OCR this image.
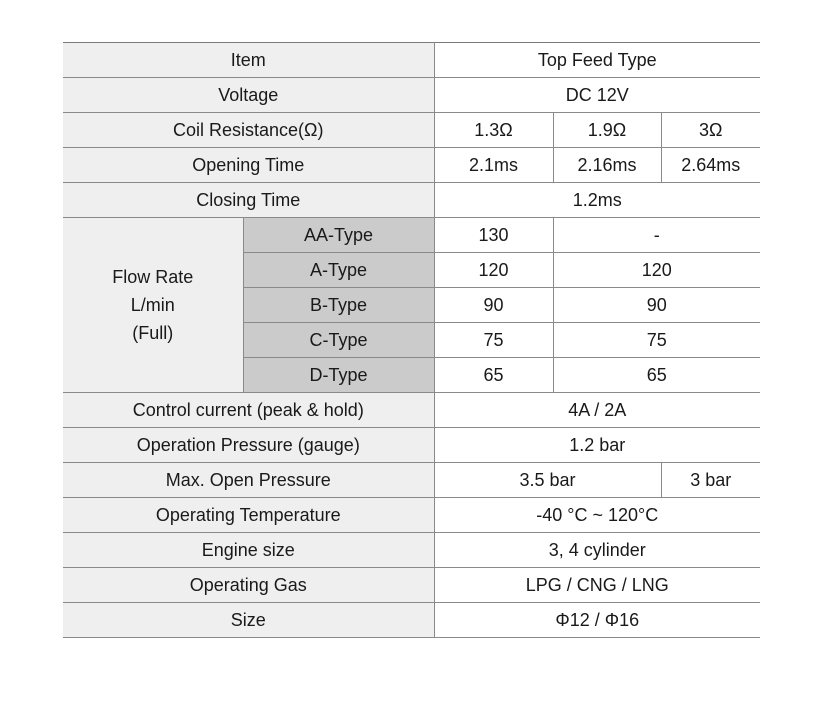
Item		Top Feed Type		
Voltage		DC 12V		
Coil Resistance(Ω)		1.3Ω	1.9Ω	3Ω
Opening Time		2.1ms	2.16ms	2.64ms
Closing Time		1.2ms		

Flow Rate
L/min
(Full)	AA-Type	130	-	
	A-Type	120	120	
	B-Type	90	90	
	C-Type	75	75	
	D-Type	65	65	
Control current (peak & hold)		4A / 2A		
Operation Pressure (gauge)		1.2 bar		
Max. Open Pressure		3.5 bar		3 bar
Operating Temperature		-40 °C ~ 120°C		
Engine size		3, 4 cylinder		
Operating Gas		LPG / CNG / LNG		
Size		Φ12 / Φ16		
